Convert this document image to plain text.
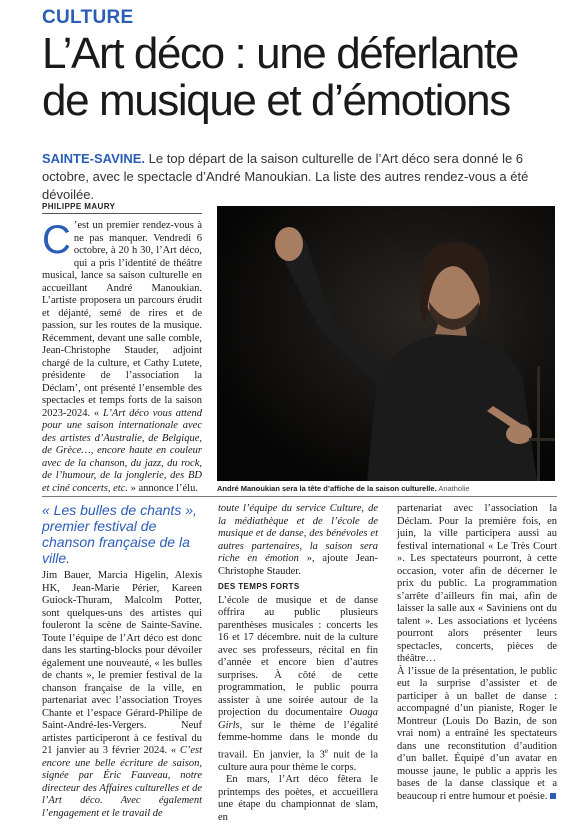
CULTURE
L’Art déco : une déferlante de musique et d’émotions
SAINTE-SAVINE. Le top départ de la saison culturelle de l’Art déco sera donné le 6 octobre, avec le spectacle d’André Manoukian. La liste des autres rendez-vous a été dévoilée.
PHILIPPE MAURY
C ’est un premier rendez-vous à ne pas manquer. Vendredi 6 octobre, à 20 h 30, l’Art déco, qui a pris l’identité de théâtre musical, lance sa saison culturelle en accueillant André Manoukian. L’artiste proposera un parcours érudit et déjanté, semé de rires et de passion, sur les routes de la musique. Récemment, devant une salle comble, Jean-Christophe Stauder, adjoint chargé de la culture, et Cathy Lutete, présidente de l’association la Déclam’, ont présenté l’ensemble des spectacles et temps forts de la saison 2023-2024. « L’Art déco vous attend pour une saison internationale avec des artistes d’Australie, de Belgique, de Grèce…, encore haute en couleur avec de la chanson, du jazz, du rock, de l’humour, de la jonglerie, des BD et ciné concerts, etc. » annonce l’élu.	André Manoukian sera la tête d’affiche de la saison culturelle. Anatholie
« Les bulles de chants », premier festival de chanson française de la ville.

Jim Bauer, Marcia Higelin, Alexis HK, Jean-Marie Périer, Kareen Guiock-Thuram, Malcolm Potter, sont quelques-uns des artistes qui fouleront la scène de Sainte-Savine. Toute l’équipe de l’Art déco est donc dans les starting-blocks pour dévoiler également une nouveauté, « les bulles de chants », le premier festival de la chanson française de la ville, en partenariat avec l’association Troyes Chante et l’espace Gérard-Philipe de Saint-André-les-Vergers. Neuf artistes participeront à ce festival du 21 janvier au 3 février 2024. « C’est encore une belle écriture de saison, signée par Éric Fauveau, notre directeur des Affaires culturelles et de l’Art déco. Avec également l’engagement et le travail de

toute l’équipe du service Culture, de la médiathèque et de l’école de musique et de danse, des bénévoles et autres partenaires, la saison sera riche en émotion », ajoute Jean-Christophe Stauder.

DES TEMPS FORTS

L’école de musique et de danse offrira au public plusieurs parenthèses musicales : concerts les 16 et 17 décembre. nuit de la culture avec ses professeurs, récital en fin d’année et encore bien d’autres surprises. À côté de cette programmation, le public pourra assister à une soirée autour de la projection du documentaire Ouaga Girls, sur le thème de l’égalité femme-homme dans le monde du travail. En janvier, la 3e nuit de la culture aura pour thème le corps.

En mars, l’Art déco fêtera le printemps des poètes, et accueillera une étape du championnat de slam, en

partenariat avec l’association la Déclam. Pour la première fois, en juin, la ville participera aussi au festival international « Le Très Court ». Les spectateurs pourront, à cette occasion, voter afin de décerner le prix du public. La programmation s’arrête d’ailleurs fin mai, afin de laisser la salle aux « Saviniens ont du talent ». Les associations et lycéens pourront alors présenter leurs spectacles, concerts, pièces de théâtre…

À l’issue de la présentation, le public eut la surprise d’assister et de participer à un ballet de danse : accompagné d’un pianiste, Roger le Montreur (Louis Do Bazin, de son vrai nom) a entraîné les spectateurs dans une reconstitution d’audition d’un ballet. Équipé d’un avatar en mousse jaune, le public a appris les bases de la danse classique et a beaucoup ri entre humour et poésie.
